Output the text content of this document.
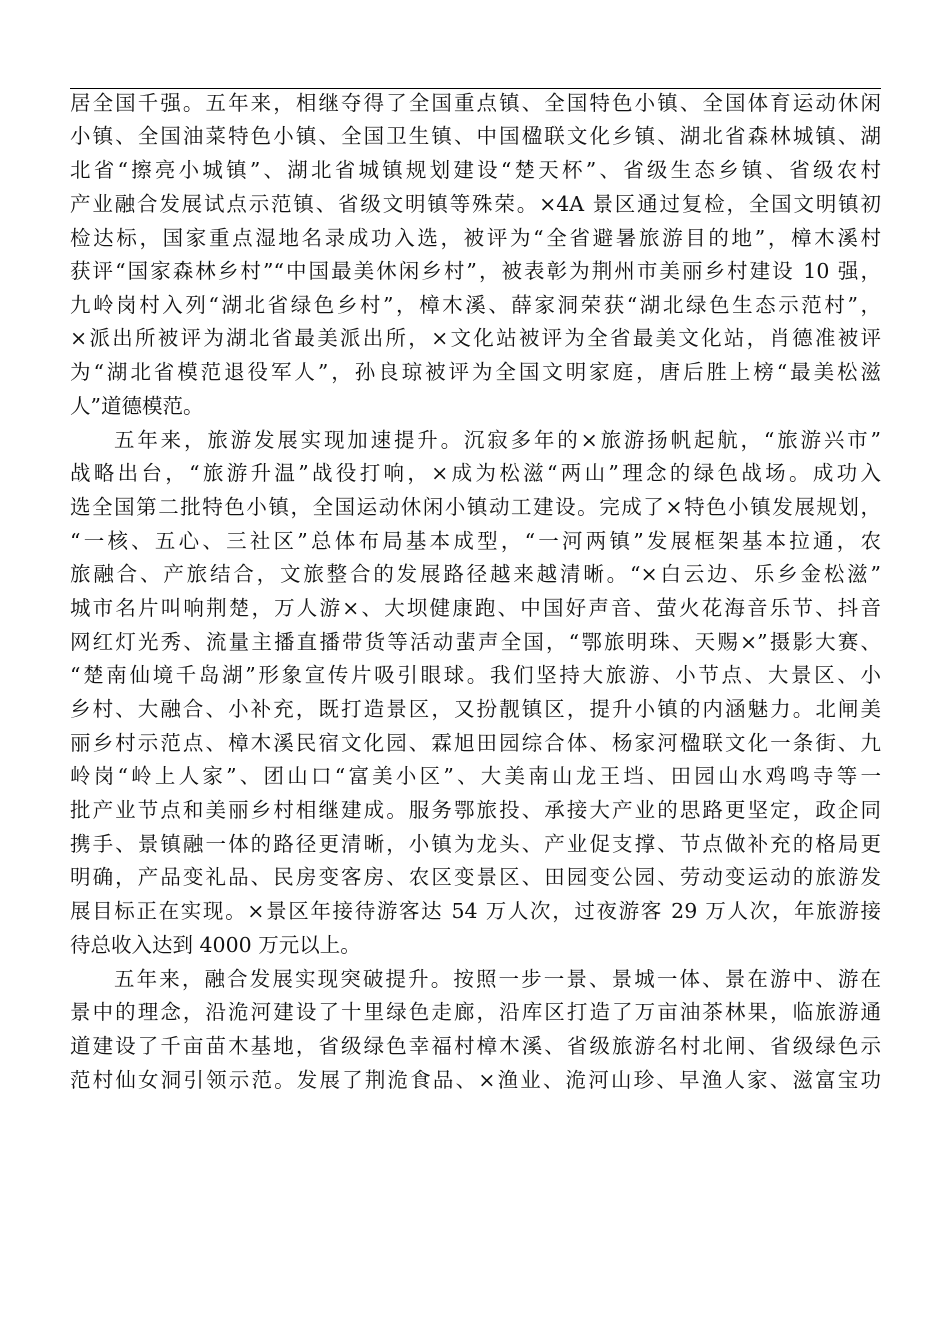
居全国千强。五年来，相继夺得了全国重点镇、全国特色小镇、全国体育运动休闲
小镇、全国油菜特色小镇、全国卫生镇、中国楹联文化乡镇、湖北省森林城镇、湖
北省“擦亮小城镇”、湖北省城镇规划建设“楚天杯”、省级生态乡镇、省级农村
产业融合发展试点示范镇、省级文明镇等殊荣。×4A 景区通过复检，全国文明镇初
检达标，国家重点湿地名录成功入选，被评为“全省避暑旅游目的地”，樟木溪村
获评“国家森林乡村”“中国最美休闲乡村”，被表彰为荆州市美丽乡村建设 10 强，
九岭岗村入列“湖北省绿色乡村”，樟木溪、薛家洞荣获“湖北绿色生态示范村”，
×派出所被评为湖北省最美派出所，×文化站被评为全省最美文化站，肖德准被评
为“湖北省模范退役军人”，孙良琼被评为全国文明家庭，唐后胜上榜“最美松滋
人”道德模范。
五年来，旅游发展实现加速提升。沉寂多年的×旅游扬帆起航，“旅游兴市”
战略出台，“旅游升温”战役打响，×成为松滋“两山”理念的绿色战场。成功入
选全国第二批特色小镇，全国运动休闲小镇动工建设。完成了×特色小镇发展规划，
“一核、五心、三社区”总体布局基本成型，“一河两镇”发展框架基本拉通，农
旅融合、产旅结合，文旅整合的发展路径越来越清晰。“×白云边、乐乡金松滋”
城市名片叫响荆楚，万人游×、大坝健康跑、中国好声音、萤火花海音乐节、抖音
网红灯光秀、流量主播直播带货等活动蜚声全国，“鄂旅明珠、天赐×”摄影大赛、
“楚南仙境千岛湖”形象宣传片吸引眼球。我们坚持大旅游、小节点、大景区、小
乡村、大融合、小补充，既打造景区，又扮靓镇区，提升小镇的内涵魅力。北闸美
丽乡村示范点、樟木溪民宿文化园、霖旭田园综合体、杨家河楹联文化一条街、九
岭岗“岭上人家”、团山口“富美小区”、大美南山龙王垱、田园山水鸡鸣寺等一
批产业节点和美丽乡村相继建成。服务鄂旅投、承接大产业的思路更坚定，政企同
携手、景镇融一体的路径更清晰，小镇为龙头、产业促支撑、节点做补充的格局更
明确，产品变礼品、民房变客房、农区变景区、田园变公园、劳动变运动的旅游发
展目标正在实现。×景区年接待游客达 54 万人次，过夜游客 29 万人次，年旅游接
待总收入达到 4000 万元以上。
五年来，融合发展实现突破提升。按照一步一景、景城一体、景在游中、游在
景中的理念，沿洈河建设了十里绿色走廊，沿库区打造了万亩油茶林果，临旅游通
道建设了千亩苗木基地，省级绿色幸福村樟木溪、省级旅游名村北闸、省级绿色示
范村仙女洞引领示范。发展了荆洈食品、×渔业、洈河山珍、早渔人家、滋富宝功
